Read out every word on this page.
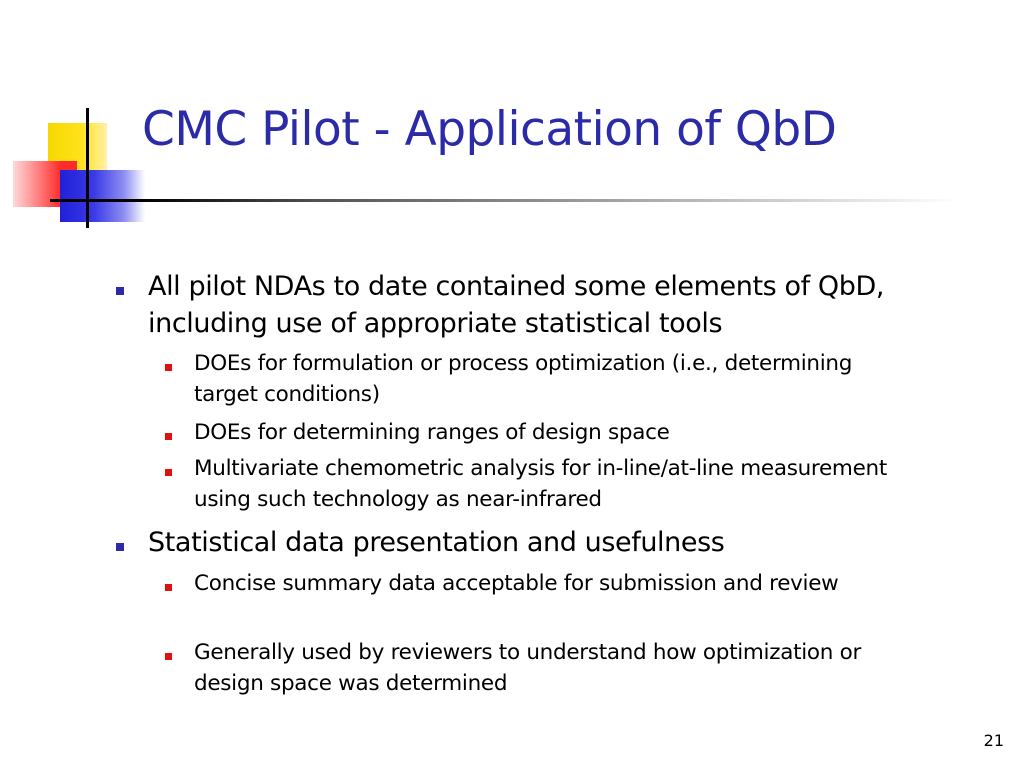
CMC Pilot - Application of QbD

All pilot NDAs to date contained some elements of QbD, including use of appropriate statistical tools

DOEs for formulation or process optimization (i.e., determining target conditions)

DOEs for determining ranges of design space

Multivariate chemometric analysis for in-line/at-line measurement using such technology as near-infrared

Statistical data presentation and usefulness

Concise summary data acceptable for submission and review

Generally used by reviewers to understand how optimization or design space was determined

21
